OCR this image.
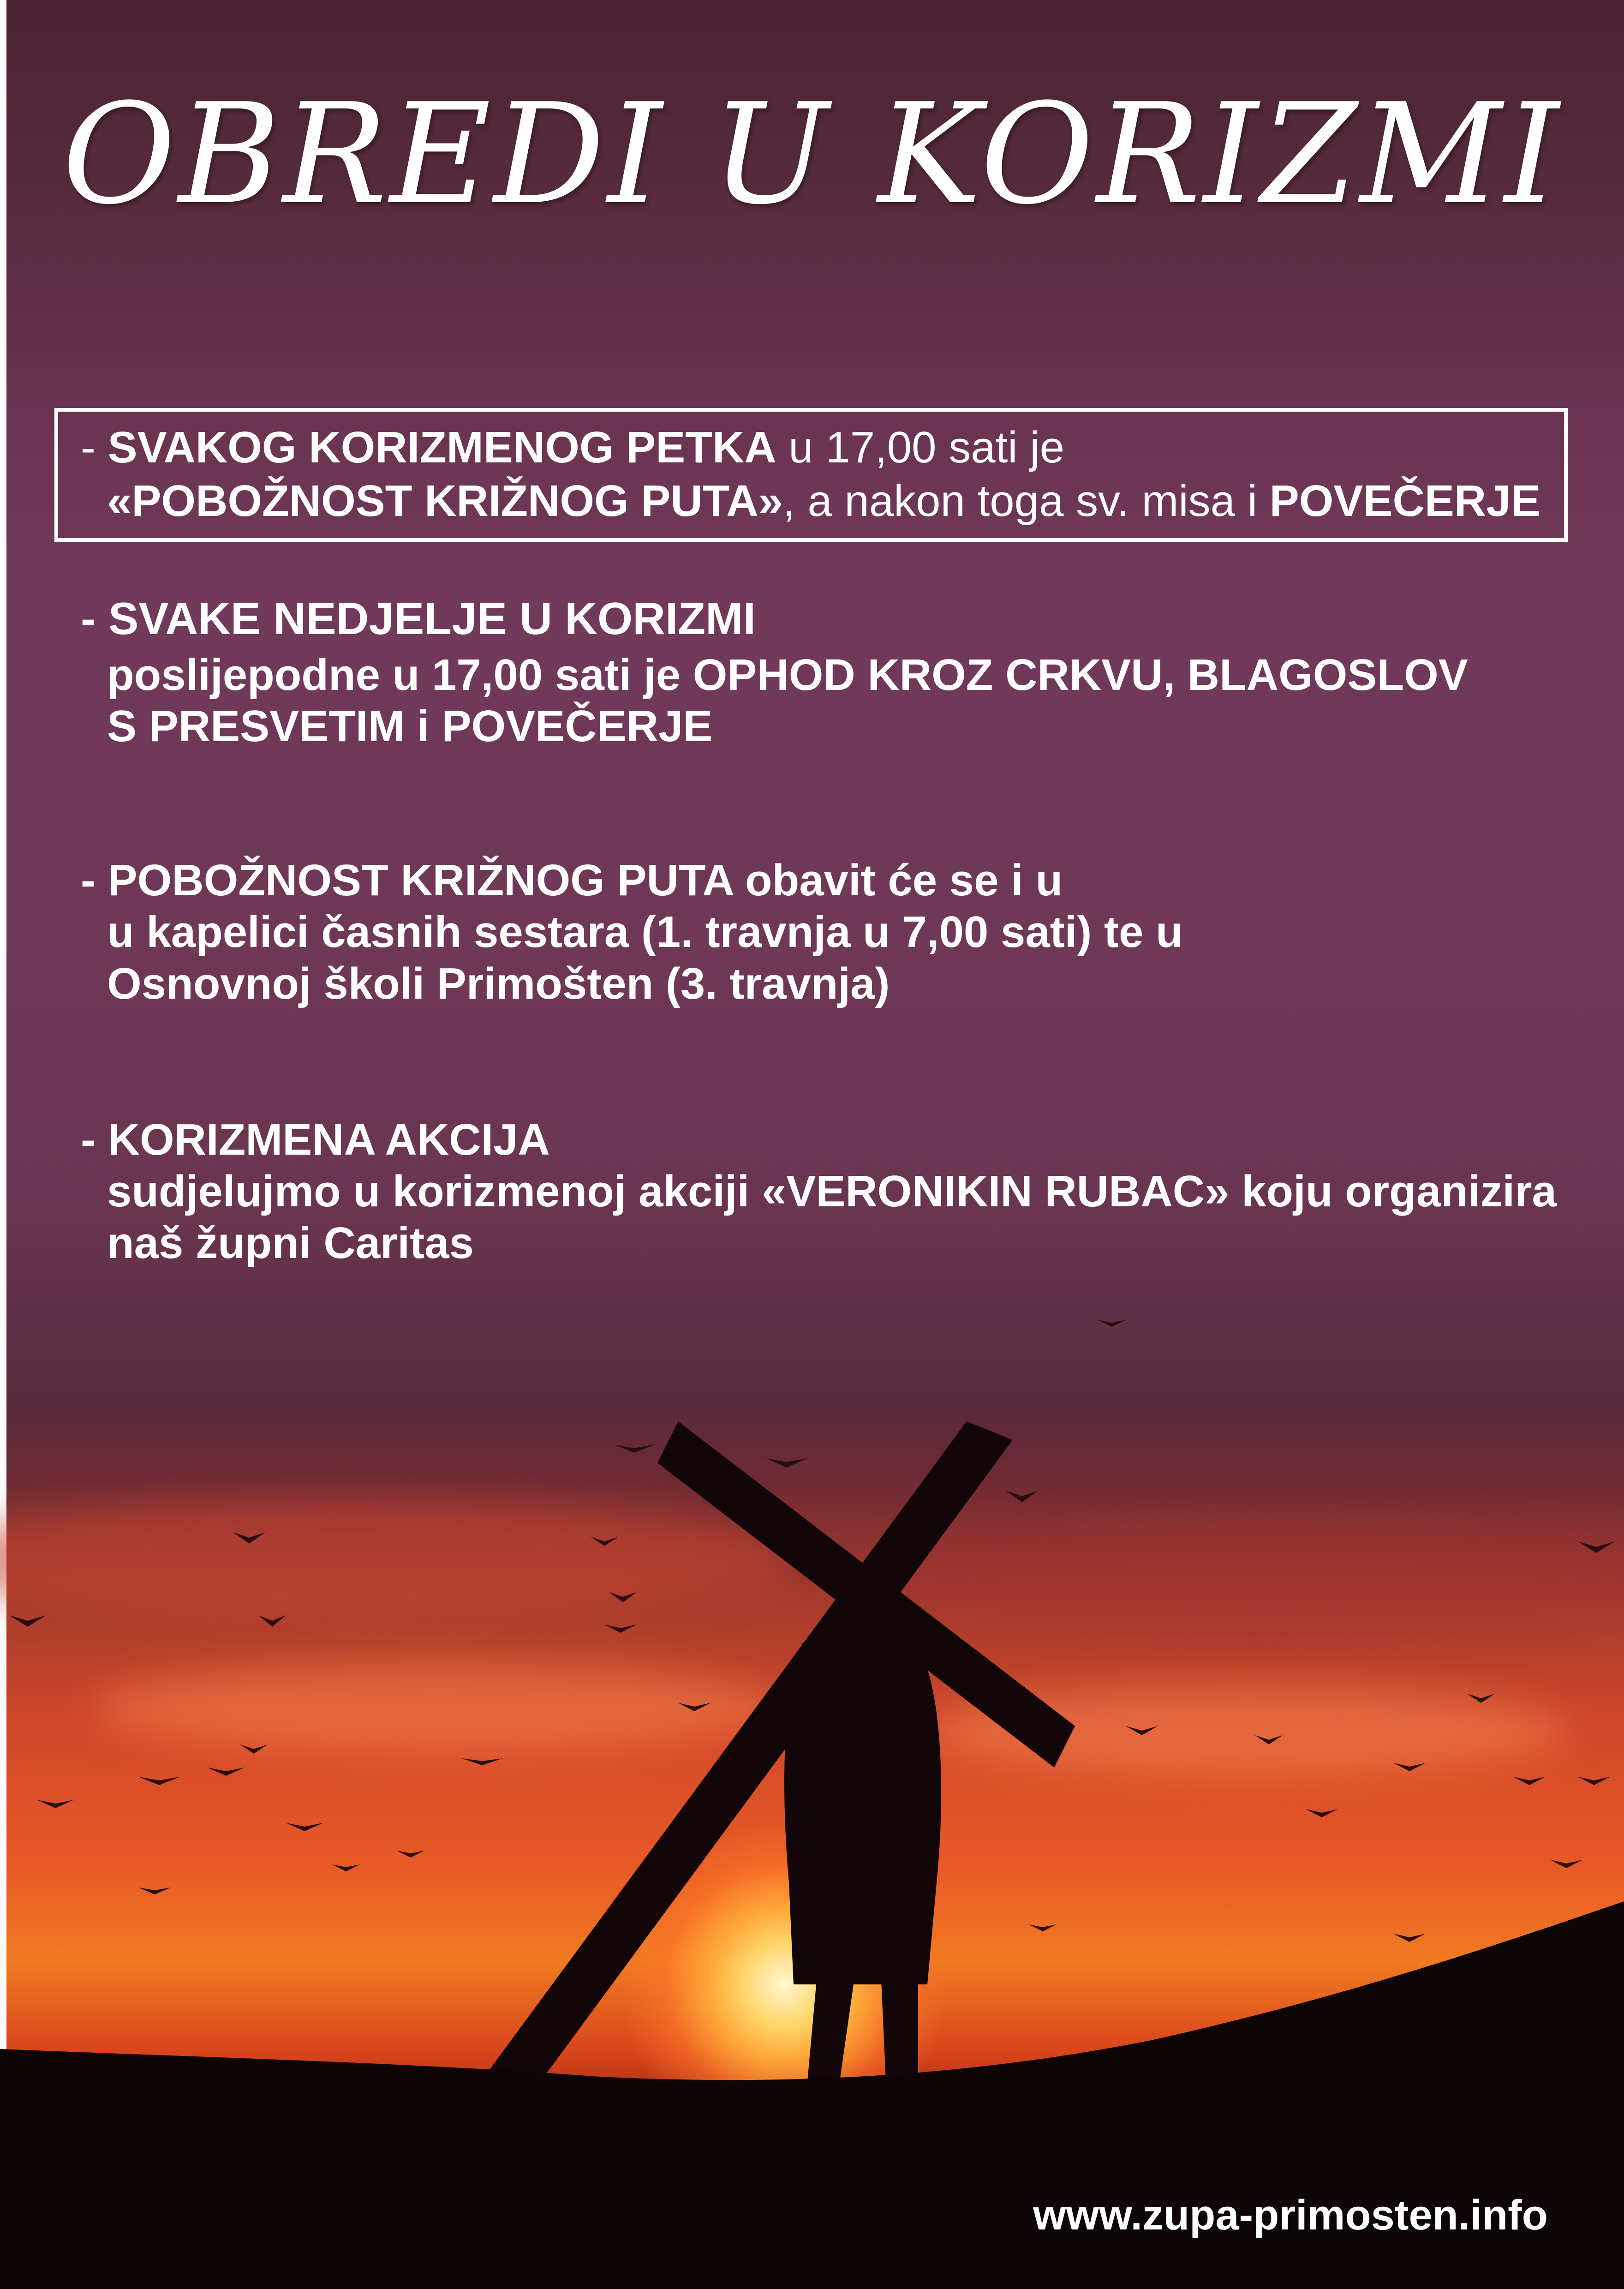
OBREDI U KORIZMI
- SVAKOG KORIZMENOG PETKA u 17,00 sati je
«POBOŽNOST KRIŽNOG PUTA», a nakon toga sv. misa i POVEČERJE
- SVAKE NEDJELJE U KORIZMI
poslijepodne u 17,00 sati je OPHOD KROZ CRKVU, BLAGOSLOV
S PRESVETIM i POVEČERJE
- POBOŽNOST KRIŽNOG PUTA obavit će se i u
u kapelici časnih sestara (1. travnja u 7,00 sati) te u
Osnovnoj školi Primošten (3. travnja)
- KORIZMENA AKCIJA
sudjelujmo u korizmenoj akciji «VERONIKIN RUBAC» koju organizira
naš župni Caritas
www.zupa-primosten.info
